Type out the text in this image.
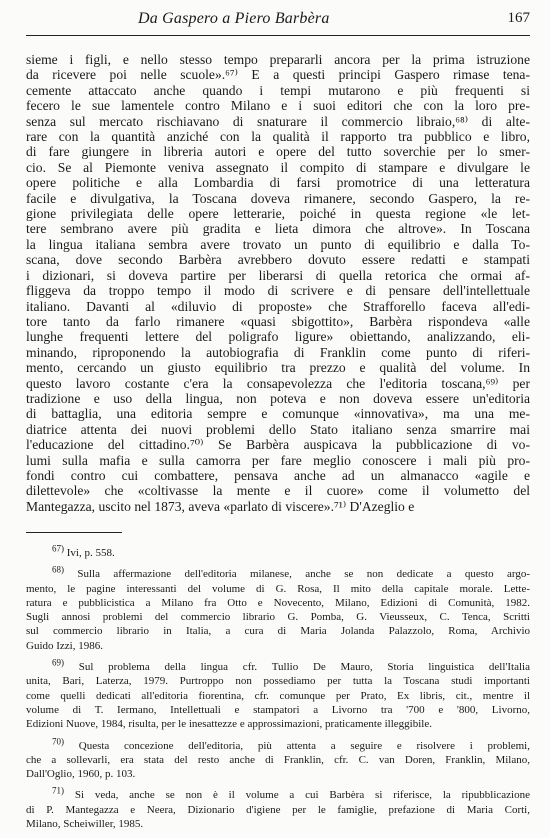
Da Gaspero a Piero Barbèra	167
sieme i figli, e nello stesso tempo prepararli ancora per la prima istruzione
da ricevere poi nelle scuole».⁶⁷⁾ E a questi principi Gaspero rimase tena-
cemente attaccato anche quando i tempi mutarono e più frequenti si
fecero le sue lamentele contro Milano e i suoi editori che con la loro pre-
senza sul mercato rischiavano di snaturare il commercio libraio,⁶⁸⁾ di alte-
rare con la quantità anziché con la qualità il rapporto tra pubblico e libro,
di fare giungere in libreria autori e opere del tutto soverchie per lo smer-
cio. Se al Piemonte veniva assegnato il compito di stampare e divulgare le
opere politiche e alla Lombardia di farsi promotrice di una letteratura
facile e divulgativa, la Toscana doveva rimanere, secondo Gaspero, la re-
gione privilegiata delle opere letterarie, poiché in questa regione «le let-
tere sembrano avere più gradita e lieta dimora che altrove». In Toscana
la lingua italiana sembra avere trovato un punto di equilibrio e dalla To-
scana, dove secondo Barbèra avrebbero dovuto essere redatti e stampati
i dizionari, si doveva partire per liberarsi di quella retorica che ormai af-
fliggeva da troppo tempo il modo di scrivere e di pensare dell'intellettuale
italiano. Davanti al «diluvio di proposte» che Strafforello faceva all'edi-
tore tanto da farlo rimanere «quasi sbigottito», Barbèra rispondeva «alle
lunghe frequenti lettere del poligrafo ligure» obiettando, analizzando, eli-
minando, riproponendo la autobiografia di Franklin come punto di riferi-
mento, cercando un giusto equilibrio tra prezzo e qualità del volume. In
questo lavoro costante c'era la consapevolezza che l'editoria toscana,⁶⁹⁾ per
tradizione e uso della lingua, non poteva e non doveva essere un'editoria
di battaglia, una editoria sempre e comunque «innovativa», ma una me-
diatrice attenta dei nuovi problemi dello Stato italiano senza smarrire mai
l'educazione del cittadino.⁷⁰⁾ Se Barbèra auspicava la pubblicazione di vo-
lumi sulla mafia e sulla camorra per fare meglio conoscere i mali più pro-
fondi contro cui combattere, pensava anche ad un almanacco «agile e
dilettevole» che «coltivasse la mente e il cuore» come il volumetto del
Mantegazza, uscito nel 1873, aveva «parlato di viscere».⁷¹⁾ D'Azeglio e
$^{67)}$ Ivi, p. 558.
$^{68)}$ Sulla affermazione dell'editoria milanese, anche se non dedicate a questo argo-
mento, le pagine interessanti del volume di G. Rosa, Il mito della capitale morale. Lette-
ratura e pubblicistica a Milano fra Otto e Novecento, Milano, Edizioni di Comunità, 1982.
Sugli annosi problemi del commercio librario G. Pomba, G. Vieusseux, C. Tenca, Scritti
sul commercio librario in Italia, a cura di Maria Jolanda Palazzolo, Roma, Archivio
Guido Izzi, 1986.
$^{69)}$ Sul problema della lingua cfr. Tullio De Mauro, Storia linguistica dell'Italia
unita, Bari, Laterza, 1979. Purtroppo non possediamo per tutta la Toscana studi importanti
come quelli dedicati all'editoria fiorentina, cfr. comunque per Prato, Ex libris, cit., mentre il
volume di T. Iermano, Intellettuali e stampatori a Livorno tra '700 e '800, Livorno,
Edizioni Nuove, 1984, risulta, per le inesattezze e approssimazioni, praticamente illeggibile.
$^{70)}$ Questa concezione dell'editoria, più attenta a seguire e risolvere i problemi,
che a sollevarli, era stata del resto anche di Franklin, cfr. C. van Doren, Franklin, Milano,
Dall'Oglio, 1960, p. 103.
$^{71)}$ Si veda, anche se non è il volume a cui Barbèra si riferisce, la ripubblicazione
di P. Mantegazza e Neera, Dizionario d'igiene per le famiglie, prefazione di Maria Corti,
Milano, Scheiwiller, 1985.
